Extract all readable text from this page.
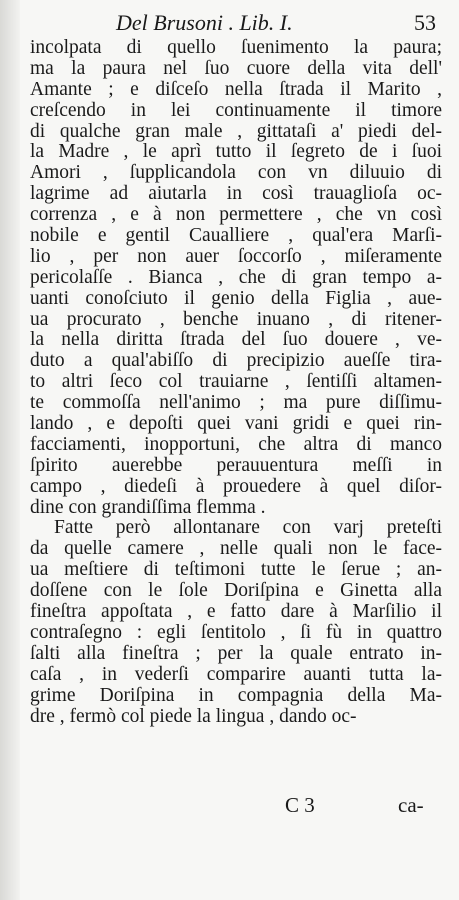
Del Brusoni . Lib. I.	53
incolpata di quello ſuenimento la paura;
ma la paura nel ſuo cuore della vita dell'
Amante ; e diſceſo nella ſtrada il Marito ,
creſcendo in lei continuamente il timore
di qualche gran male , gittataſi a' piedi del-
la Madre , le aprì tutto il ſegreto de i ſuoi
Amori , ſupplicandola con vn diluuio di
lagrime ad aiutarla in così trauaglioſa oc-
correnza , e à non permettere , che vn così
nobile e gentil Caualliere , qual'era Marſi-
lio , per non auer ſoccorſo , miſeramente
pericolaſſe . Bianca , che di gran tempo a-
uanti conoſciuto il genio della Figlia , aue-
ua procurato , benche inuano , di ritener-
la nella diritta ſtrada del ſuo douere , ve-
duto a qual'abiſſo di precipizio aueſſe tira-
to altri ſeco col trauiarne , ſentiſſi altamen-
te commoſſa nell'animo ; ma pure diſſimu-
lando , e depoſti quei vani gridi e quei rin-
facciamenti, inopportuni, che altra di manco
ſpirito auerebbe perauuentura meſſi in
campo , diedeſi à prouedere à quel diſor-
dine con grandiſſima flemma .
Fatte però allontanare con varj preteſti
da quelle camere , nelle quali non le face-
ua meſtiere di teſtimoni tutte le ſerue ; an-
doſſene con le ſole Doriſpina e Ginetta alla
fineſtra appoſtata , e fatto dare à Marſilio il
contraſegno : egli ſentitolo , ſi fù in quattro
ſalti alla fineſtra ; per la quale entrato in-
caſa , in vederſi comparire auanti tutta la-
grime Doriſpina in compagnia della Ma-
dre , fermò col piede la lingua , dando oc-
C 3	ca-
